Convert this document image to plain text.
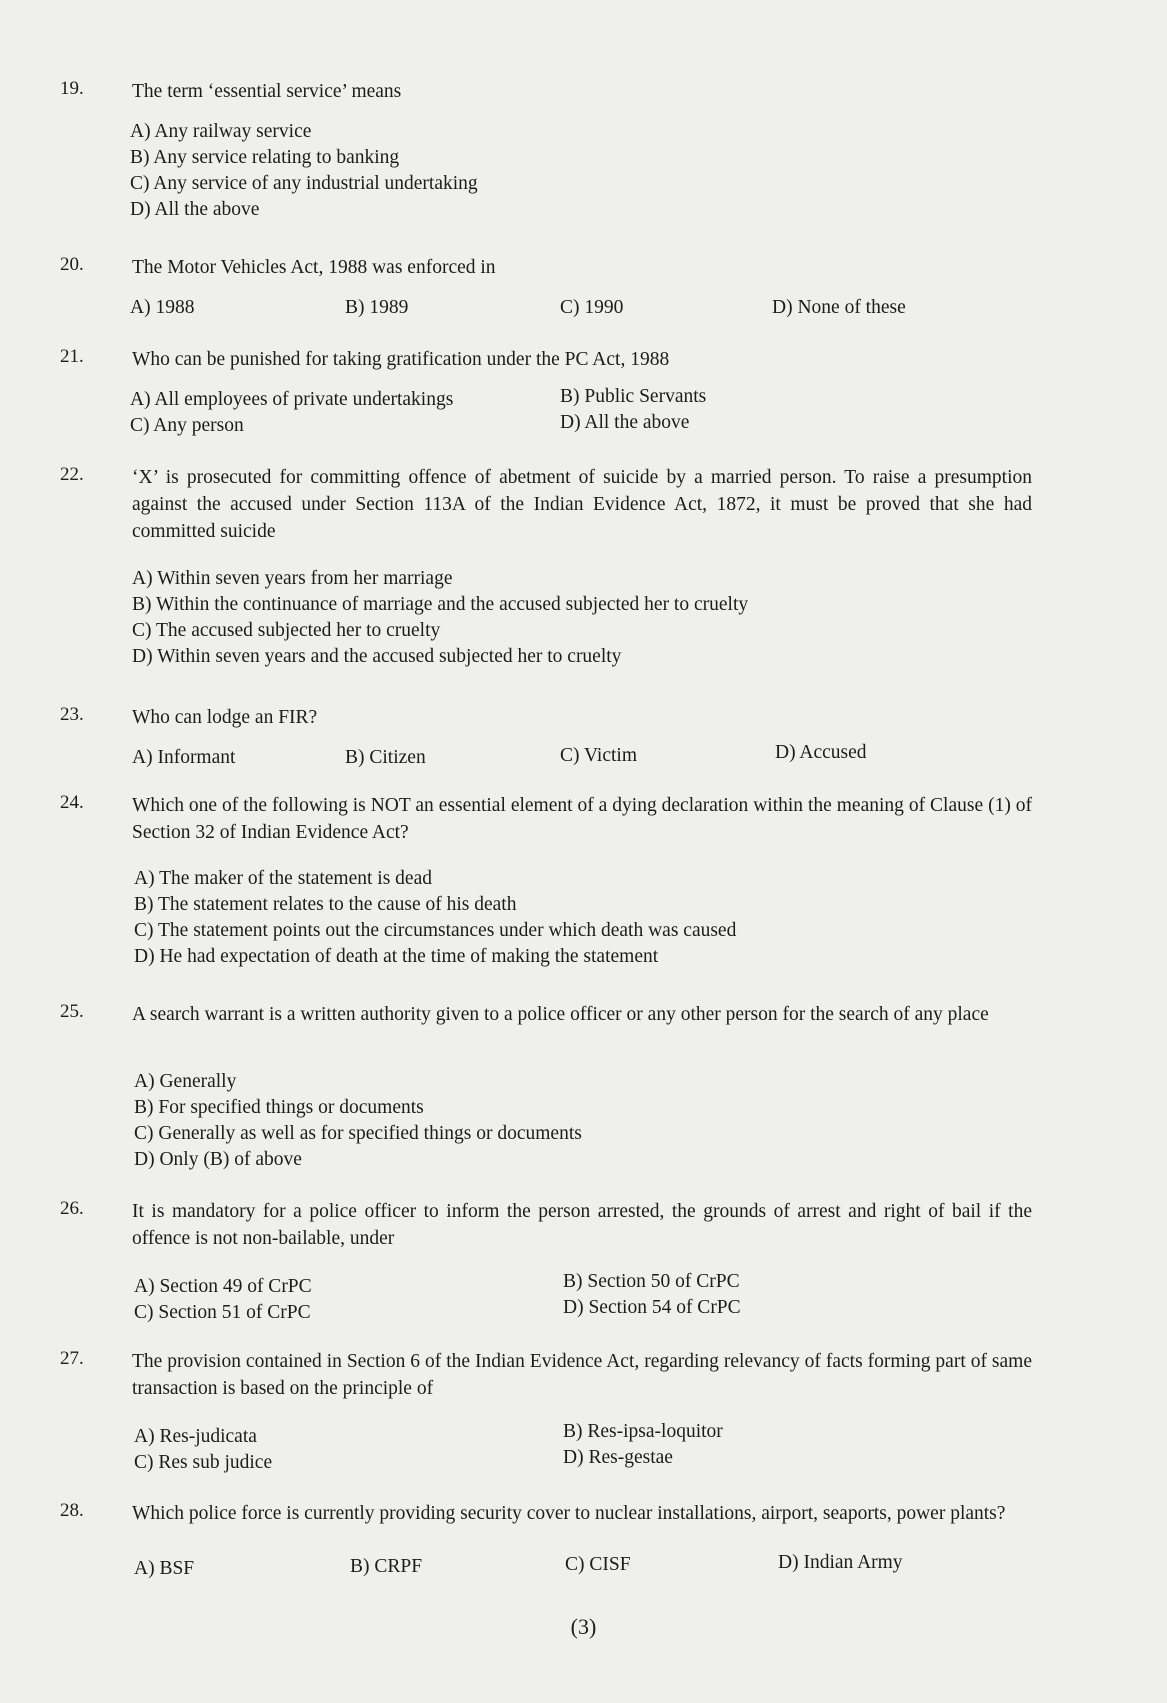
19. The term ‘essential service’ means
A) Any railway service
B) Any service relating to banking
C) Any service of any industrial undertaking
D) All the above
20. The Motor Vehicles Act, 1988 was enforced in
A) 1988	B) 1989	C) 1990	D) None of these
21. Who can be punished for taking gratification under the PC Act, 1988
A) All employees of private undertakings	B) Public Servants
C) Any person	D) All the above
22. ‘X’ is prosecuted for committing offence of abetment of suicide by a married person. To raise a presumption against the accused under Section 113A of the Indian Evidence Act, 1872, it must be proved that she had committed suicide
A) Within seven years from her marriage
B) Within the continuance of marriage and the accused subjected her to cruelty
C) The accused subjected her to cruelty
D) Within seven years and the accused subjected her to cruelty
23. Who can lodge an FIR?
A) Informant	B) Citizen	C) Victim	D) Accused
24. Which one of the following is NOT an essential element of a dying declaration within the meaning of Clause (1) of Section 32 of Indian Evidence Act?
A) The maker of the statement is dead
B) The statement relates to the cause of his death
C) The statement points out the circumstances under which death was caused
D) He had expectation of death at the time of making the statement
25. A search warrant is a written authority given to a police officer or any other person for the search of any place
A) Generally
B) For specified things or documents
C) Generally as well as for specified things or documents
D) Only (B) of above
26. It is mandatory for a police officer to inform the person arrested, the grounds of arrest and right of bail if the offence is not non-bailable, under
A) Section 49 of CrPC	B) Section 50 of CrPC
C) Section 51 of CrPC	D) Section 54 of CrPC
27. The provision contained in Section 6 of the Indian Evidence Act, regarding relevancy of facts forming part of same transaction is based on the principle of
A) Res-judicata	B) Res-ipsa-loquitor
C) Res sub judice	D) Res-gestae
28. Which police force is currently providing security cover to nuclear installations, airport, seaports, power plants?
A) BSF	B) CRPF	C) CISF	D) Indian Army
(3)
